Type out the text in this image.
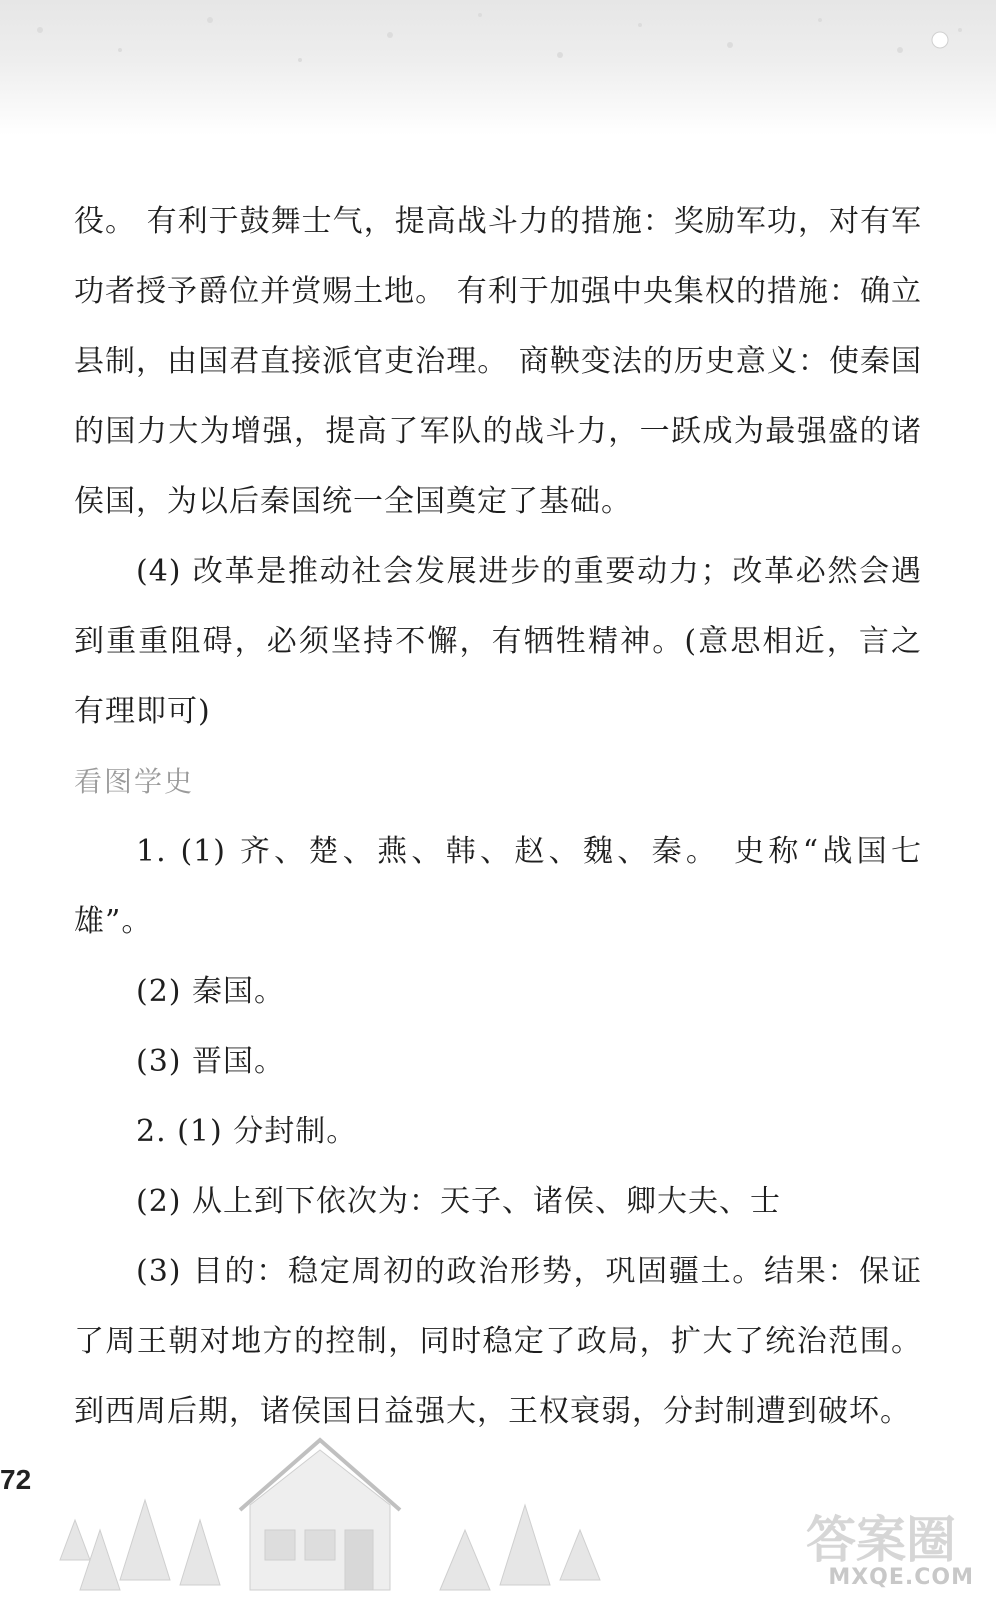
役。 有利于鼓舞士气，提高战斗力的措施：奖励军功，对有军功者授予爵位并赏赐土地。 有利于加强中央集权的措施：确立县制，由国君直接派官吏治理。 商鞅变法的历史意义：使秦国的国力大为增强，提高了军队的战斗力，一跃成为最强盛的诸侯国，为以后秦国统一全国奠定了基础。

(4) 改革是推动社会发展进步的重要动力；改革必然会遇到重重阻碍，必须坚持不懈，有牺牲精神。(意思相近，言之有理即可)

看图学史

1. (1) 齐、楚、燕、韩、赵、魏、秦。 史称“战国七雄”。

(2) 秦国。

(3) 晋国。

2. (1) 分封制。

(2) 从上到下依次为：天子、诸侯、卿大夫、士

(3) 目的：稳定周初的政治形势，巩固疆土。结果：保证了周王朝对地方的控制，同时稳定了政局，扩大了统治范围。到西周后期，诸侯国日益强大，王权衰弱，分封制遭到破坏。

72
答案圈
MXQE.COM
